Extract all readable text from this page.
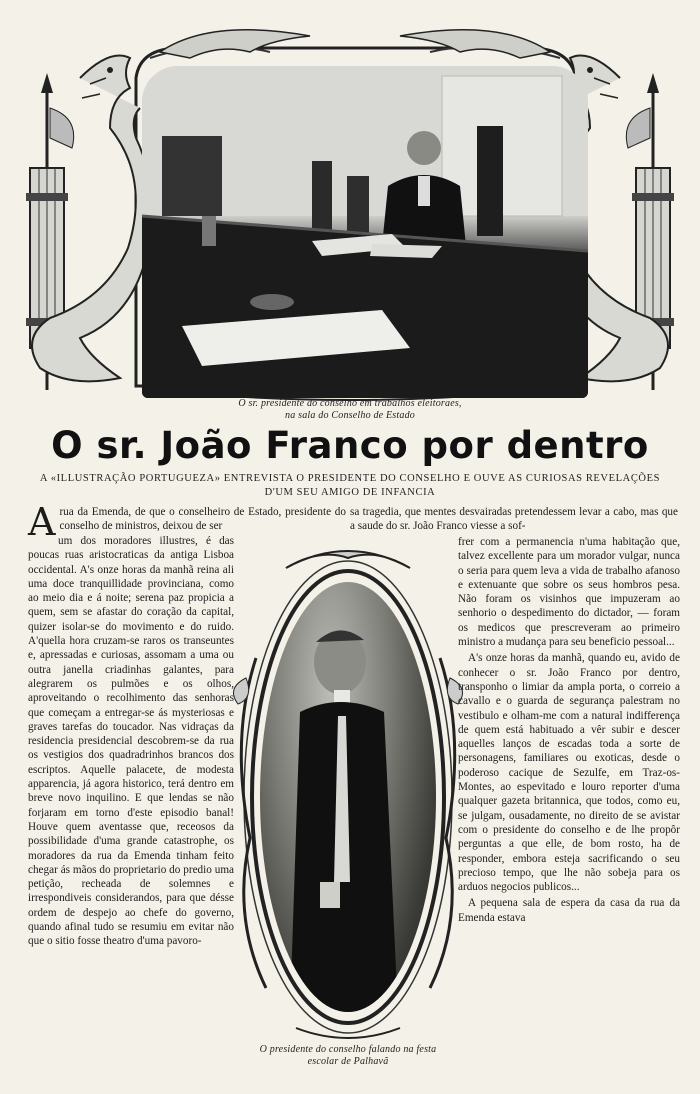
O sr. presidente do conselho em trabalhos eleitoraes,
na sala do Conselho de Estado
O sr. João Franco por dentro
A «ILLUSTRAÇÃO PORTUGUEZA» ENTREVISTA O PRESIDENTE DO CONSELHO E OUVE AS CURIOSAS REVELAÇÕES
D'UM SEU AMIGO DE INFANCIA
A rua da Emenda, de que o conselheiro de Estado, presidente do conselho de ministros, deixou de ser
sa tragedia, que mentes desvairadas pretendessem levar a cabo, mas que a saude do sr. João Franco viesse a sof-

um dos moradores illustres, é das poucas ruas aristocraticas da antiga Lisboa occidental. A's onze horas da manhã reina ali uma doce tranquillidade provinciana, como ao meio dia e á noite; serena paz propicia a quem, sem se afastar do coração da capital, quizer isolar-se do movimento e do ruido. A'quella hora cruzam-se raros os transeuntes e, apressadas e curiosas, assomam a uma ou outra janella criadinhas galantes, para alegrarem os pulmões e os olhos, aproveitando o recolhimento das senhoras que começam a entregar-se ás mysteriosas e graves tarefas do toucador. Nas vidraças da residencia presidencial descobrem-se da rua os vestigios dos quadradrinhos brancos dos escriptos. Aquelle palacete, de modesta apparencia, já agora historico, terá dentro em breve novo inquilino. E que lendas se não forjaram em torno d'este episodio banal! Houve quem aventasse que, receosos da possibilidade d'uma grande catastrophe, os moradores da rua da Emenda tinham feito chegar ás mãos do proprietario do predio uma petição, recheada de solemnes e irrespondiveis considerandos, para que désse ordem de despejo ao chefe do governo, quando afinal tudo se resumiu em evitar não que o sitio fosse theatro d'uma pavoro-

O presidente do conselho falando na festa
escolar de Palhavã

frer com a permanencia n'uma habitação que, talvez excellente para um morador vulgar, nunca o seria para quem leva a vida de trabalho afanoso e extenuante que sobre os seus hombros pesa. Não foram os visinhos que impuzeram ao senhorio o despedimento do dictador, — foram os medicos que prescreveram ao primeiro ministro a mudança para seu beneficio pessoal...

A's onze horas da manhã, quando eu, avido de conhecer o sr. João Franco por dentro, transponho o limiar da ampla porta, o correio a cavallo e o guarda de segurança palestram no vestibulo e olham-me com a natural indifferença de quem está habituado a vêr subir e descer aquelles lanços de escadas toda a sorte de personagens, familiares ou exoticas, desde o poderoso cacique de Sezulfe, em Traz-os-Montes, ao espevitado e louro reporter d'uma qualquer gazeta britannica, que todos, como eu, se julgam, ousadamente, no direito de se avistar com o presidente do conselho e de lhe propôr perguntas a que elle, de bom rosto, ha de responder, embora esteja sacrificando o seu precioso tempo, que lhe não sobeja para os arduos negocios publicos...

A pequena sala de espera da casa da rua da Emenda estava
